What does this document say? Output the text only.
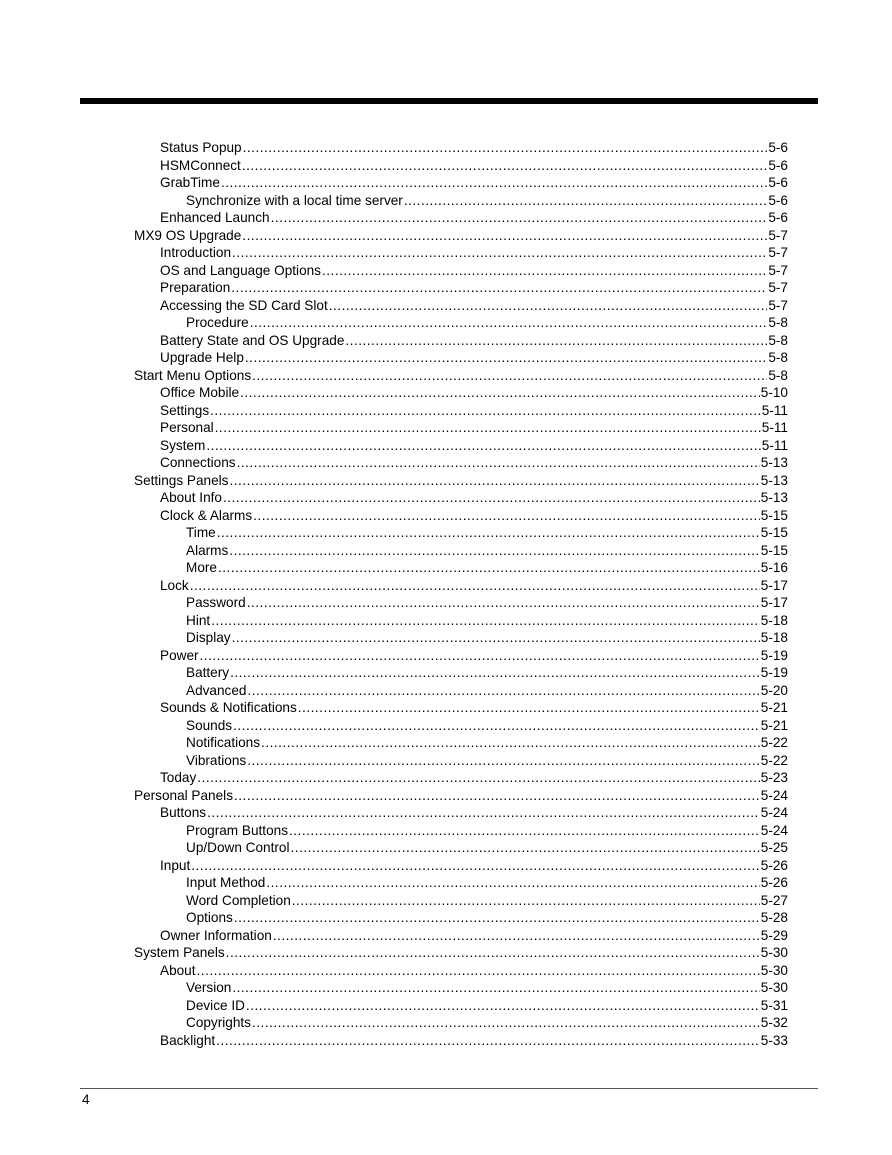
Status Popup .....	5-6
HSMConnect .....	5-6
GrabTime .....	5-6
Synchronize with a local time server .....	5-6
Enhanced Launch .....	5-6
MX9 OS Upgrade .....	5-7
Introduction .....	5-7
OS and Language Options .....	5-7
Preparation .....	5-7
Accessing the SD Card Slot .....	5-7
Procedure .....	5-8
Battery State and OS Upgrade .....	5-8
Upgrade Help .....	5-8
Start Menu Options .....	5-8
Office Mobile .....	5-10
Settings .....	5-11
Personal .....	5-11
System .....	5-11
Connections .....	5-13
Settings Panels .....	5-13
About Info .....	5-13
Clock & Alarms .....	5-15
Time .....	5-15
Alarms .....	5-15
More .....	5-16
Lock .....	5-17
Password .....	5-17
Hint .....	5-18
Display .....	5-18
Power .....	5-19
Battery .....	5-19
Advanced .....	5-20
Sounds & Notifications .....	5-21
Sounds .....	5-21
Notifications .....	5-22
Vibrations .....	5-22
Today .....	5-23
Personal Panels .....	5-24
Buttons .....	5-24
Program Buttons .....	5-24
Up/Down Control .....	5-25
Input .....	5-26
Input Method .....	5-26
Word Completion .....	5-27
Options .....	5-28
Owner Information .....	5-29
System Panels .....	5-30
About .....	5-30
Version .....	5-30
Device ID .....	5-31
Copyrights .....	5-32
Backlight .....	5-33
4
